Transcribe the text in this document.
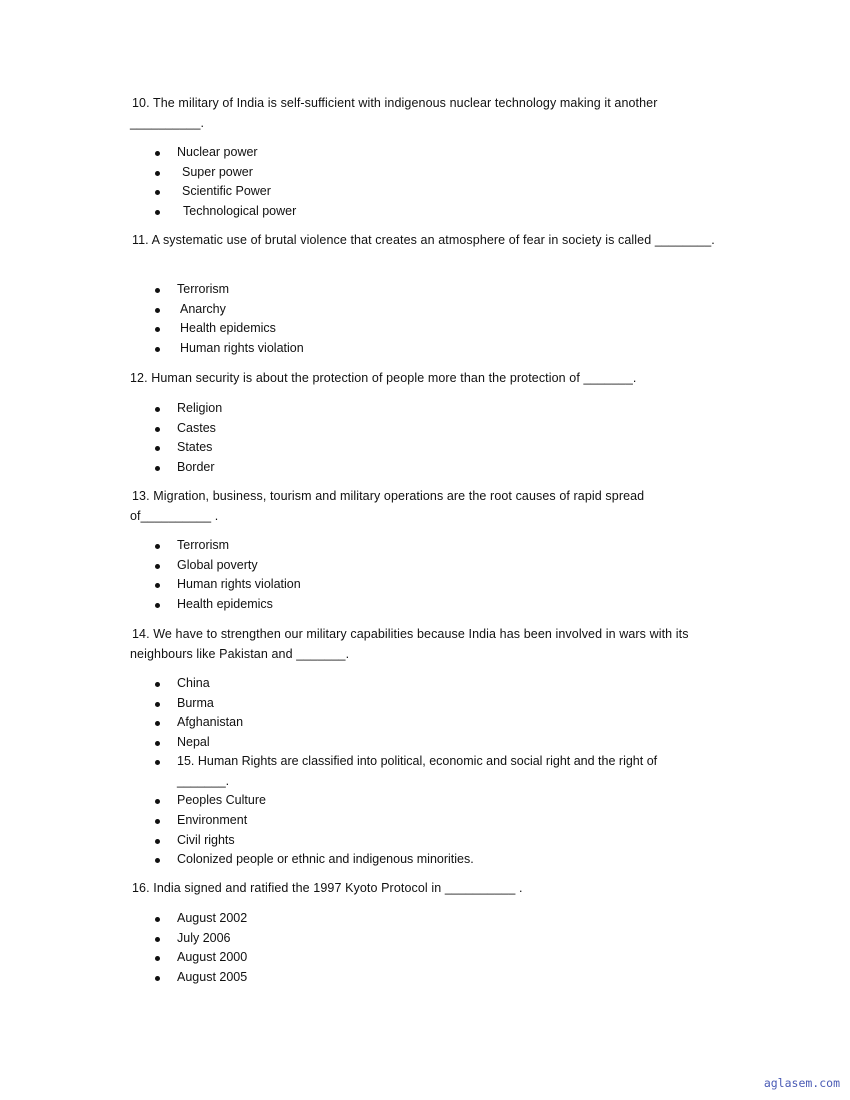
10. The military of India is self-sufficient with indigenous nuclear technology making it another __________.

Nuclear power
Super power
Scientific Power
Technological power

11. A systematic use of brutal violence that creates an atmosphere of fear in society is called ________.

Terrorism
Anarchy
Health epidemics
Human rights violation

12. Human security is about the protection of people more than the protection of _______.

Religion
Castes
States
Border

13. Migration, business, tourism and military operations are the root causes of rapid spread of__________ .

Terrorism
Global poverty
Human rights violation
Health epidemics

14. We have to strengthen our military capabilities because India has been involved in wars with its neighbours like Pakistan and _______.

China
Burma
Afghanistan
Nepal
15. Human Rights are classified into political, economic and social right and the right of _______.
Peoples Culture
Environment
Civil rights
Colonized people or ethnic and indigenous minorities.

16. India signed and ratified the 1997 Kyoto Protocol in __________ .

August 2002
July 2006
August 2000
August 2005
aglasem.com
